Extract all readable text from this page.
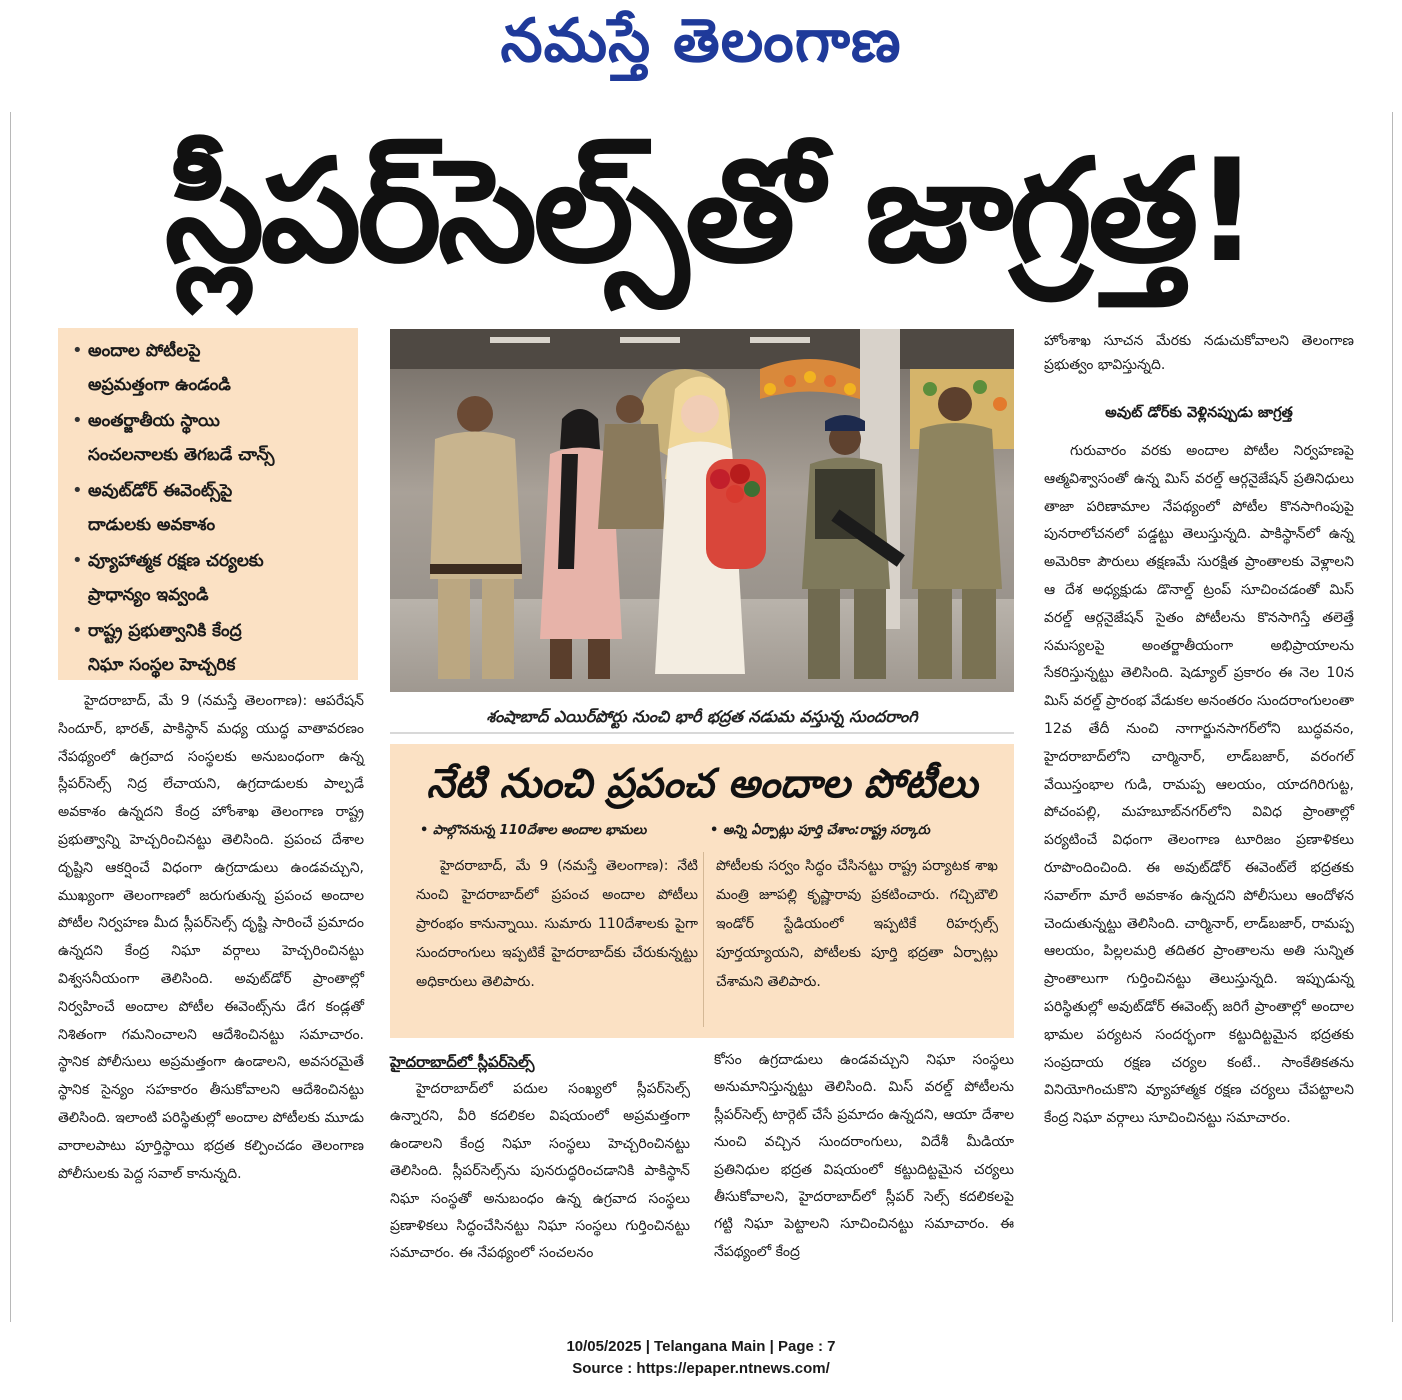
నమస్తే తెలంగాణ
స్లీపర్‌సెల్స్‌తో జాగ్రత్త!
• అందాల పోటీలపై
అప్రమత్తంగా ఉండండి
• అంతర్జాతీయ స్థాయి
సంచలనాలకు తెగబడే చాన్స్
• అవుట్‌డోర్ ఈవెంట్స్‌పై
దాడులకు అవకాశం
• వ్యూహాత్మక రక్షణ చర్యలకు
ప్రాధాన్యం ఇవ్వండి
• రాష్ట్ర ప్రభుత్వానికి కేంద్ర
నిఘా సంస్థల హెచ్చరిక
శంషాబాద్ ఎయిర్‌పోర్టు నుంచి భారీ భద్రత నడుమ వస్తున్న సుందరాంగి
హైదరాబాద్, మే 9 (నమస్తే తెలంగాణ): ఆపరేషన్ సిందూర్, భారత్, పాకిస్థాన్ మధ్య యుద్ధ వాతావరణం నేపథ్యంలో ఉగ్రవాద సంస్థలకు అనుబంధంగా ఉన్న స్లీపర్‌సెల్స్ నిద్ర లేచాయని, ఉగ్రదాడులకు పాల్పడే అవకాశం ఉన్నదని కేంద్ర హోంశాఖ తెలంగాణ రాష్ట్ర ప్రభుత్వాన్ని హెచ్చరించినట్టు తెలిసింది. ప్రపంచ దేశాల దృష్టిని ఆకర్షించే విధంగా ఉగ్రదాడులు ఉండవచ్చుని, ముఖ్యంగా తెలంగాణలో జరుగుతున్న ప్రపంచ అందాల పోటీల నిర్వహణ మీద స్లీపర్‌సెల్స్ దృష్టి సారించే ప్రమాదం ఉన్నదని కేంద్ర నిఘా వర్గాలు హెచ్చరించినట్టు విశ్వసనీయంగా తెలిసింది. అవుట్‌డోర్ ప్రాంతాల్లో నిర్వహించే అందాల పోటీల ఈవెంట్స్‌ను డేగ కండ్లతో నిశితంగా గమనించాలని ఆదేశించినట్టు సమాచారం. స్థానిక పోలీసులు అప్రమత్తంగా ఉండాలని, అవసరమైతే స్థానిక సైన్యం సహకారం తీసుకోవాలని ఆదేశించినట్టు తెలిసింది. ఇలాంటి పరిస్థితుల్లో అందాల పోటీలకు మూడు వారాలపాటు పూర్తిస్థాయి భద్రత కల్పించడం తెలంగాణ పోలీసులకు పెద్ద సవాల్ కానున్నది.
నేటి నుంచి ప్రపంచ అందాల పోటీలు
• పాల్గొననున్న 110దేశాల అందాల భామలు	• అన్ని ఏర్పాట్లు పూర్తి చేశాం:రాష్ట్ర సర్కారు
హైదరాబాద్, మే 9 (నమస్తే తెలంగాణ): నేటి నుంచి హైదరాబాద్‌లో ప్రపంచ అందాల పోటీలు ప్రారంభం కానున్నాయి. సుమారు 110దేశాలకు పైగా సుందరాంగులు ఇప్పటికే హైదరాబాద్‌కు చేరుకున్నట్టు అధికారులు తెలిపారు.
పోటీలకు సర్వం సిద్ధం చేసినట్టు రాష్ట్ర పర్యాటక శాఖ మంత్రి జూపల్లి కృష్ణారావు ప్రకటించారు. గచ్చిబౌలి ఇండోర్ స్టేడియంలో ఇప్పటికే రిహర్సల్స్ పూర్తయ్యాయని, పోటీలకు పూర్తి భద్రతా ఏర్పాట్లు చేశామని తెలిపారు.
హైదరాబాద్‌లో స్లీపర్‌సెల్స్
హైదరాబాద్‌లో పదుల సంఖ్యలో స్లీపర్‌సెల్స్ ఉన్నారని, వీరి కదలికల విషయంలో అప్రమత్తంగా ఉండాలని కేంద్ర నిఘా సంస్థలు హెచ్చరించినట్టు తెలిసింది. స్లీపర్‌సెల్స్‌ను పునరుద్ధరించడానికి పాకిస్థాన్ నిఘా సంస్థతో అనుబంధం ఉన్న ఉగ్రవాద సంస్థలు ప్రణాళికలు సిద్ధంచేసినట్టు నిఘా సంస్థలు గుర్తించినట్టు సమాచారం. ఈ నేపథ్యంలో సంచలనం
కోసం ఉగ్రదాడులు ఉండవచ్చుని నిఘా సంస్థలు అనుమానిస్తున్నట్టు తెలిసింది. మిస్ వరల్డ్ పోటీలను స్లీపర్‌సెల్స్ టార్గెట్ చేసే ప్రమాదం ఉన్నదని, ఆయా దేశాల నుంచి వచ్చిన సుందరాంగులు, విదేశీ మీడియా ప్రతినిధుల భద్రత విషయంలో కట్టుదిట్టమైన చర్యలు తీసుకోవాలని, హైదరాబాద్‌లో స్లీపర్ సెల్స్ కదలికలపై గట్టి నిఘా పెట్టాలని సూచించినట్టు సమాచారం. ఈ నేపథ్యంలో కేంద్ర
హోంశాఖ సూచన మేరకు నడుచుకోవాలని తెలంగాణ ప్రభుత్వం భావిస్తున్నది.
అవుట్ డోర్‌కు వెళ్లినప్పుడు జాగ్రత్త
గురువారం వరకు అందాల పోటీల నిర్వహణపై ఆత్మవిశ్వాసంతో ఉన్న మిస్ వరల్డ్ ఆర్గనైజేషన్ ప్రతినిధులు తాజా పరిణామాల నేపథ్యంలో పోటీల కొనసాగింపుపై పునరాలోచనలో పడ్డట్టు తెలుస్తున్నది. పాకిస్థాన్‌లో ఉన్న అమెరికా పౌరులు తక్షణమే సురక్షిత ప్రాంతాలకు వెళ్లాలని ఆ దేశ అధ్యక్షుడు డొనాల్డ్ ట్రంప్ సూచించడంతో మిస్ వరల్డ్ ఆర్గనైజేషన్ సైతం పోటీలను కొనసాగిస్తే తలెత్తే సమస్యలపై అంతర్జాతీయంగా అభిప్రాయాలను సేకరిస్తున్నట్టు తెలిసింది. షెడ్యూల్ ప్రకారం ఈ నెల 10న మిస్ వరల్డ్ ప్రారంభ వేడుకల అనంతరం సుందరాంగులంతా 12వ తేదీ నుంచి నాగార్జునసాగర్‌లోని బుద్ధవనం, హైదరాబాద్‌లోని చార్మినార్, లాడ్‌బజార్, వరంగల్ వేయిస్తంభాల గుడి, రామప్ప ఆలయం, యాదగిరిగుట్ట, పోచంపల్లి, మహబూబ్‌నగర్‌లోని వివిధ ప్రాంతాల్లో పర్యటించే విధంగా తెలంగాణ టూరిజం ప్రణాళికలు రూపొందించింది. ఈ అవుట్‌డోర్ ఈవెంట్‌లే భద్రతకు సవాల్‌గా మారే అవకాశం ఉన్నదని పోలీసులు ఆందోళన చెందుతున్నట్టు తెలిసింది. చార్మినార్, లాడ్‌బజార్, రామప్ప ఆలయం, పిల్లలమర్రి తదితర ప్రాంతాలను అతి సున్నిత ప్రాంతాలుగా గుర్తించినట్టు తెలుస్తున్నది. ఇప్పుడున్న పరిస్థితుల్లో అవుట్‌డోర్ ఈవెంట్స్ జరిగే ప్రాంతాల్లో అందాల భామల పర్యటన సందర్భంగా కట్టుదిట్టమైన భద్రతకు సంప్రదాయ రక్షణ చర్యల కంటే.. సాంకేతికతను వినియోగించుకొని వ్యూహాత్మక రక్షణ చర్యలు చేపట్టాలని కేంద్ర నిఘా వర్గాలు సూచించినట్టు సమాచారం.
10/05/2025 | Telangana Main | Page : 7
Source : https://epaper.ntnews.com/
